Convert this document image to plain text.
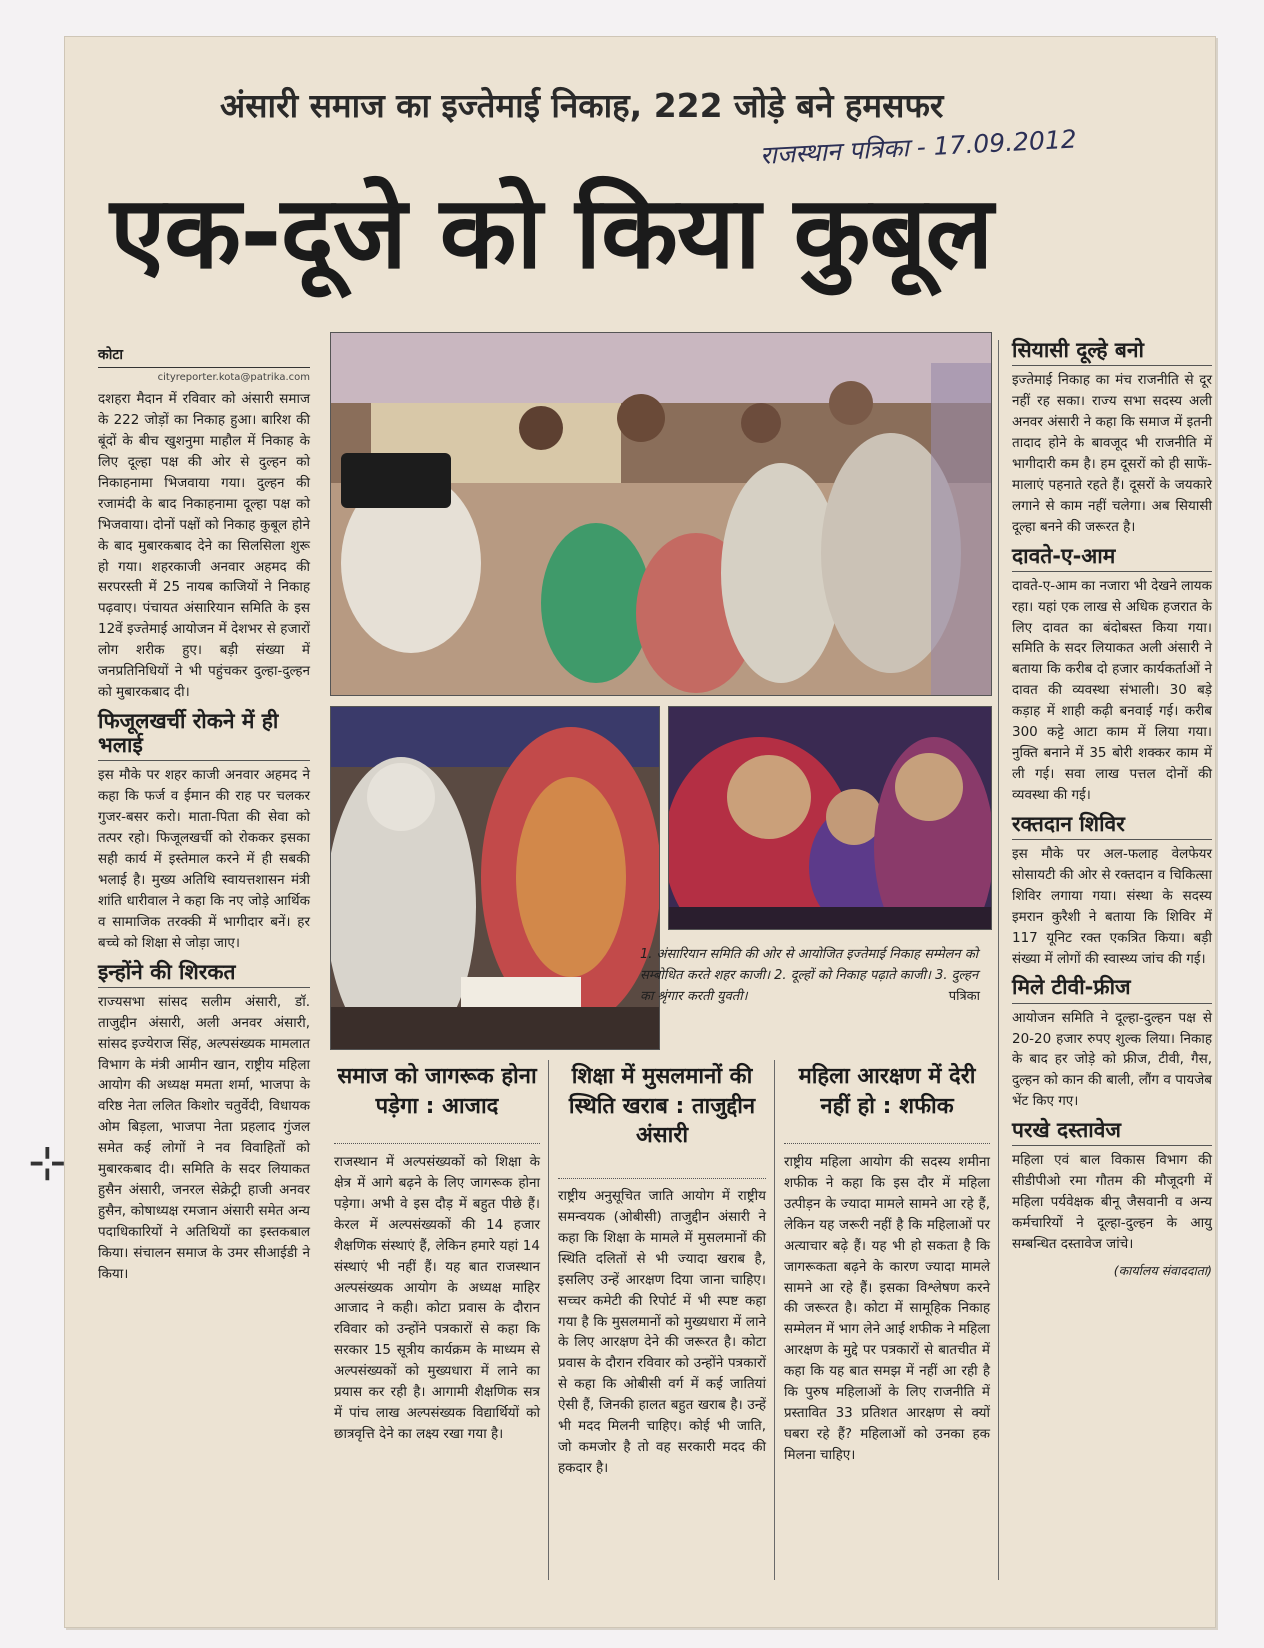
अंसारी समाज का इज्तेमाई निकाह, 222 जोड़े बने हमसफर
राजस्थान पत्रिका - 17.09.2012
एक-दूजे को किया कुबूल
कोटा
cityreporter.kota@patrika.com

दशहरा मैदान में रविवार को अंसारी समाज के 222 जोड़ों का निकाह हुआ। बारिश की बूंदों के बीच खुशनुमा माहौल में निकाह के लिए दूल्हा पक्ष की ओर से दुल्हन को निकाहनामा भिजवाया गया। दुल्हन की रजामंदी के बाद निकाहनामा दूल्हा पक्ष को भिजवाया। दोनों पक्षों को निकाह कुबूल होने के बाद मुबारकबाद देने का सिलसिला शुरू हो गया। शहरकाजी अनवार अहमद की सरपरस्ती में 25 नायब काजियों ने निकाह पढ़वाए। पंचायत अंसारियान समिति के इस 12वें इज्तेमाई आयोजन में देशभर से हजारों लोग शरीक हुए। बड़ी संख्या में जनप्रतिनिधियों ने भी पहुंचकर दुल्हा-दुल्हन को मुबारकबाद दी।

फिजूलखर्ची रोकने में ही भलाई

इस मौके पर शहर काजी अनवार अहमद ने कहा कि फर्ज व ईमान की राह पर चलकर गुजर-बसर करो। माता-पिता की सेवा को तत्पर रहो। फिजूलखर्ची को रोककर इसका सही कार्य में इस्तेमाल करने में ही सबकी भलाई है। मुख्य अतिथि स्वायत्तशासन मंत्री शांति धारीवाल ने कहा कि नए जोड़े आर्थिक व सामाजिक तरक्की में भागीदार बनें। हर बच्चे को शिक्षा से जोड़ा जाए।

इन्होंने की शिरकत

राज्यसभा सांसद सलीम अंसारी, डॉ. ताजुद्दीन अंसारी, अली अनवर अंसारी, सांसद इज्येराज सिंह, अल्पसंख्यक मामलात विभाग के मंत्री आमीन खान, राष्ट्रीय महिला आयोग की अध्यक्ष ममता शर्मा, भाजपा के वरिष्ठ नेता ललित किशोर चतुर्वेदी, विधायक ओम बिड़ला, भाजपा नेता प्रहलाद गुंजल समेत कई लोगों ने नव विवाहितों को मुबारकबाद दी। समिति के सदर लियाकत हुसैन अंसारी, जनरल सेक्रेट्री हाजी अनवर हुसैन, कोषाध्यक्ष रमजान अंसारी समेत अन्य पदाधिकारियों ने अतिथियों का इस्तकबाल किया। संचालन समाज के उमर सीआईडी ने किया।

1. अंसारियान समिति की ओर से आयोजित इज्तेमाई निकाह सम्मेलन को सम्बोधित करते शहर काजी। 2. दूल्हों को निकाह पढ़ाते काजी। 3. दुल्हन का श्रृंगार करती युवती।	पत्रिका
समाज को जागरूक होना पड़ेगा : आजाद

राजस्थान में अल्पसंख्यकों को शिक्षा के क्षेत्र में आगे बढ़ने के लिए जागरूक होना पड़ेगा। अभी वे इस दौड़ में बहुत पीछे हैं। केरल में अल्पसंख्यकों की 14 हजार शैक्षणिक संस्थाएं हैं, लेकिन हमारे यहां 14 संस्थाएं भी नहीं हैं। यह बात राजस्थान अल्पसंख्यक आयोग के अध्यक्ष माहिर आजाद ने कही। कोटा प्रवास के दौरान रविवार को उन्होंने पत्रकारों से कहा कि सरकार 15 सूत्रीय कार्यक्रम के माध्यम से अल्पसंख्यकों को मुख्यधारा में लाने का प्रयास कर रही है। आगामी शैक्षणिक सत्र में पांच लाख अल्पसंख्यक विद्यार्थियों को छात्रवृत्ति देने का लक्ष्य रखा गया है।

शिक्षा में मुसलमानों की स्थिति खराब : ताजुद्दीन अंसारी

राष्ट्रीय अनुसूचित जाति आयोग में राष्ट्रीय समन्वयक (ओबीसी) ताजुद्दीन अंसारी ने कहा कि शिक्षा के मामले में मुसलमानों की स्थिति दलितों से भी ज्यादा खराब है, इसलिए उन्हें आरक्षण दिया जाना चाहिए। सच्चर कमेटी की रिपोर्ट में भी स्पष्ट कहा गया है कि मुसलमानों को मुख्यधारा में लाने के लिए आरक्षण देने की जरूरत है। कोटा प्रवास के दौरान रविवार को उन्होंने पत्रकारों से कहा कि ओबीसी वर्ग में कई जातियां ऐसी हैं, जिनकी हालत बहुत खराब है। उन्हें भी मदद मिलनी चाहिए। कोई भी जाति, जो कमजोर है तो वह सरकारी मदद की हकदार है।

महिला आरक्षण में देरी नहीं हो : शफीक

राष्ट्रीय महिला आयोग की सदस्य शमीना शफीक ने कहा कि इस दौर में महिला उत्पीड़न के ज्यादा मामले सामने आ रहे हैं, लेकिन यह जरूरी नहीं है कि महिलाओं पर अत्याचार बढ़े हैं। यह भी हो सकता है कि जागरूकता बढ़ने के कारण ज्यादा मामले सामने आ रहे हैं। इसका विश्लेषण करने की जरूरत है। कोटा में सामूहिक निकाह सम्मेलन में भाग लेने आई शफीक ने महिला आरक्षण के मुद्दे पर पत्रकारों से बातचीत में कहा कि यह बात समझ में नहीं आ रही है कि पुरुष महिलाओं के लिए राजनीति में प्रस्तावित 33 प्रतिशत आरक्षण से क्यों घबरा रहे हैं? महिलाओं को उनका हक मिलना चाहिए।

सियासी दूल्हे बनो

इज्तेमाई निकाह का मंच राजनीति से दूर नहीं रह सका। राज्य सभा सदस्य अली अनवर अंसारी ने कहा कि समाज में इतनी तादाद होने के बावजूद भी राजनीति में भागीदारी कम है। हम दूसरों को ही साफें-मालाएं पहनाते रहते हैं। दूसरों के जयकारे लगाने से काम नहीं चलेगा। अब सियासी दूल्हा बनने की जरूरत है।

दावते-ए-आम

दावते-ए-आम का नजारा भी देखने लायक रहा। यहां एक लाख से अधिक हजरात के लिए दावत का बंदोबस्त किया गया। समिति के सदर लियाकत अली अंसारी ने बताया कि करीब दो हजार कार्यकर्ताओं ने दावत की व्यवस्था संभाली। 30 बड़े कड़ाह में शाही कढ़ी बनवाई गई। करीब 300 कट्टे आटा काम में लिया गया। नुक्ति बनाने में 35 बोरी शक्कर काम में ली गई। सवा लाख पत्तल दोनों की व्यवस्था की गई।

रक्तदान शिविर

इस मौके पर अल-फलाह वेलफेयर सोसायटी की ओर से रक्तदान व चिकित्सा शिविर लगाया गया। संस्था के सदस्य इमरान कुरैशी ने बताया कि शिविर में 117 यूनिट रक्त एकत्रित किया। बड़ी संख्या में लोगों की स्वास्थ्य जांच की गई।

मिले टीवी-फ्रीज

आयोजन समिति ने दूल्हा-दुल्हन पक्ष से 20-20 हजार रुपए शुल्क लिया। निकाह के बाद हर जोड़े को फ्रीज, टीवी, गैस, दुल्हन को कान की बाली, लौंग व पायजेब भेंट किए गए।

परखे दस्तावेज

महिला एवं बाल विकास विभाग की सीडीपीओ रमा गौतम की मौजूदगी में महिला पर्यवेक्षक बीनू जैसवानी व अन्य कर्मचारियों ने दूल्हा-दुल्हन के आयु सम्बन्धित दस्तावेज जांचे।

(कार्यालय संवाददाता)
⊹
